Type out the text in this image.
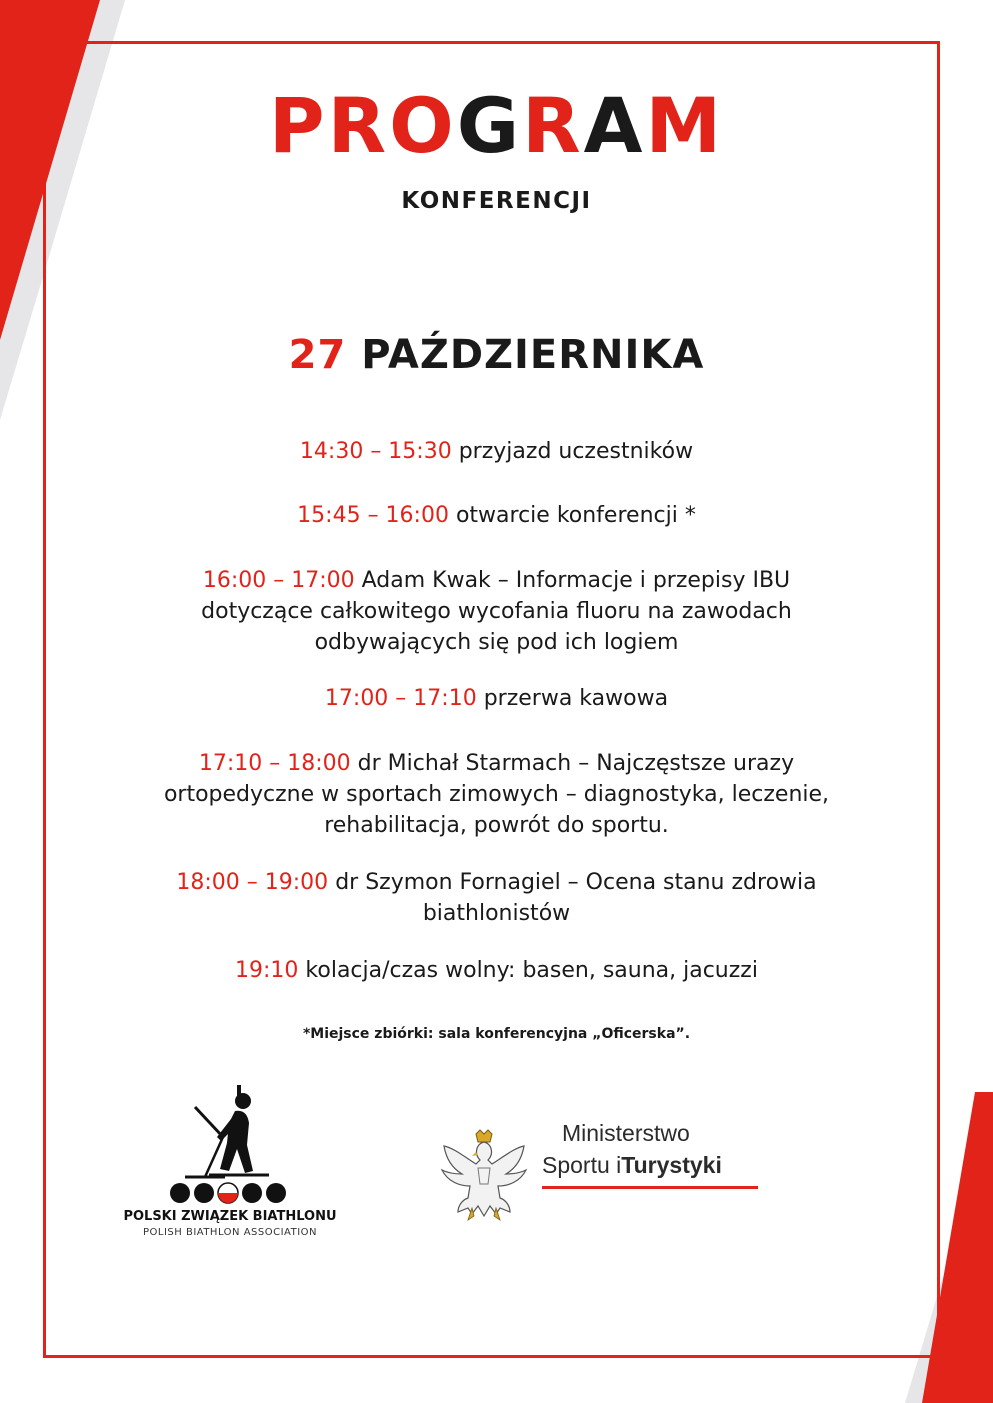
PROGRAM
KONFERENCJI
27 PAŹDZIERNIKA
14:30 – 15:30 przyjazd uczestników
15:45 – 16:00 otwarcie konferencji *
16:00 – 17:00 Adam Kwak – Informacje i przepisy IBU
dotyczące całkowitego wycofania fluoru na zawodach
odbywających się pod ich logiem
17:00 – 17:10 przerwa kawowa
17:10 – 18:00 dr Michał Starmach – Najczęstsze urazy
ortopedyczne w sportach zimowych – diagnostyka, leczenie,
rehabilitacja, powrót do sportu.
18:00 – 19:00 dr Szymon Fornagiel – Ocena stanu zdrowia
biathlonistów
19:10 kolacja/czas wolny: basen, sauna, jacuzzi
*Miejsce zbiórki: sala konferencyjna „Oficerska”.
POLSKI ZWIĄZEK BIATHLONU
POLISH BIATHLON ASSOCIATION
Ministerstwo
Sportu iTurystyki
